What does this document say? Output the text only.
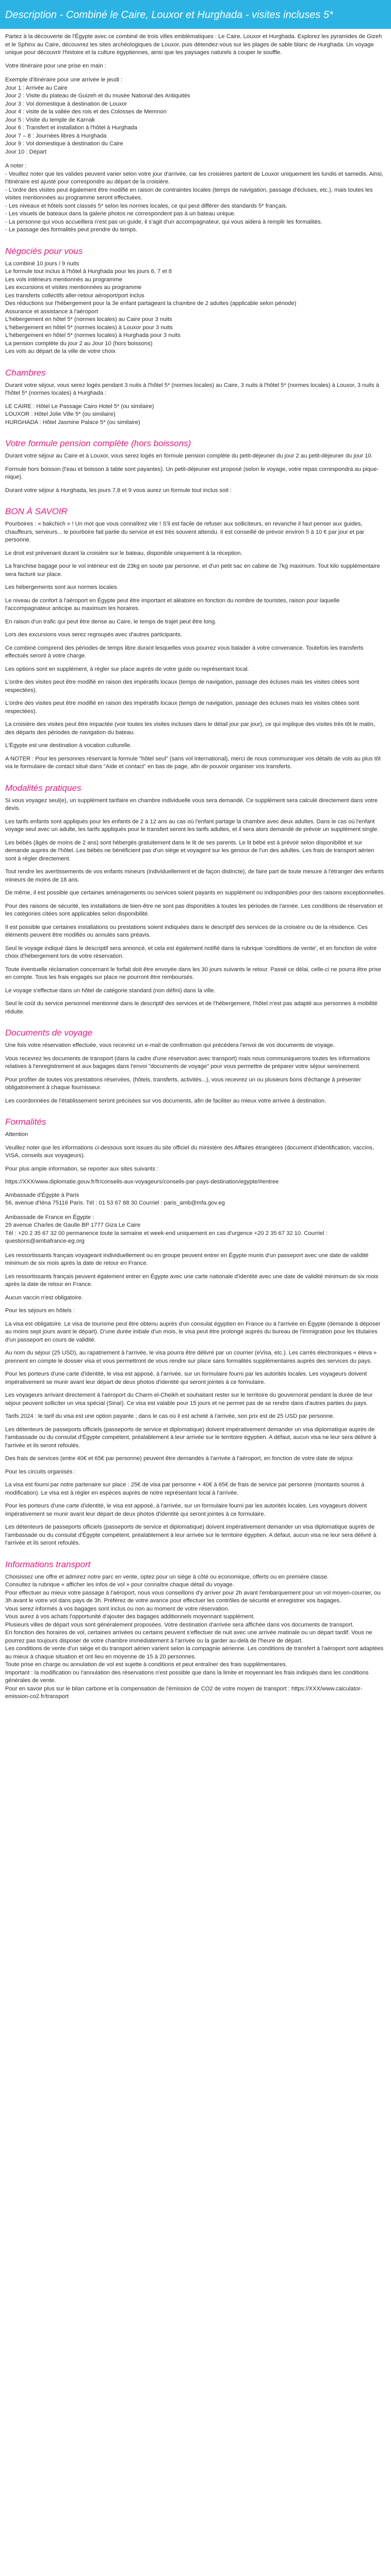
Description - Combiné le Caire, Louxor et Hurghada - visites incluses 5*

Partez à la découverte de l'Égypte avec ce combiné de trois villes emblématiques : Le Caire, Louxor et Hurghada. Explorez les pyramides de Gizeh et le Sphinx au Caire, découvrez les sites archéologiques de Louxor, puis détendez-vous sur les plages de sable blanc de Hurghada. Un voyage unique pour découvrir l'histoire et la culture égyptiennes, ainsi que les paysages naturels à couper le souffle.

Votre itinéraire pour une prise en main :

Exemple d'itinéraire pour une arrivée le jeudi :
Jour 1 : Arrivée au Caire
Jour 2 : Visite du plateau de Guizeh et du musée National des Antiquités
Jour 3 : Vol domestique à destination de Louxor
Jour 4 : visite de la vallée des rois et des Colosses de Memnon
Jour 5 : Visite du temple de Karnak
Jour 6 : Transfert et installation à l'hôtel à Hurghada
Jour 7 – 8 : Journées libres à Hurghada
Jour 9 : Vol domestique à destination du Caire
Jour 10 : Départ
A noter :
- Veuillez noter que les valides peuvent varier selon votre jour d'arrivée, car les croisières partent de Louxor uniquement les lundis et samedis. Ainsi, l'itinéraire est ajusté pour correspondre au départ de la croisière.
- L'ordre des visites peut également être modifié en raison de contraintes locales (temps de navigation, passage d'écluses, etc.), mais toutes les visites mentionnées au programme seront effectuées.
- Les niveaux et hôtels sont classés 5* selon les normes locales, ce qui peut différer des standards 5* français.
- Les visuels de bateaux dans la galerie photos ne correspondent pas à un bateau unique.
- La personne qui vous accueillera n'est pas un guide, il s'agit d'un accompagnateur, qui vous aidera à remplir les formalités.
- Le passage des formalités peut prendre du temps.
Négociés pour vous
La combiné 10 jours / 9 nuits
Le formule tout inclus à l'hôtel à Hurghada pour les jours 6, 7 et 8
Les vols intérieurs mentionnés au programme
Les excursions et visites mentionnées au programme
Les transferts collectifs aller-retour aéroport/port inclus
Des réductions sur l'hébergement pour la 3e enfant partageant la chambre de 2 adultes (applicable selon période)
Assurance et assistance à l'aéroport
L'hébergement en hôtel 5* (normes locales) au Caire pour 3 nuits
L'hébergement en hôtel 5* (normes locales) à Louxor pour 3 nuits
L'hébergement en hôtel 5* (normes locales) à Hurghada pour 3 nuits
La pension complète du jour 2 au Jour 10 (hors boissons)
Les vols au départ de la ville de votre choix
Chambres

Durant votre séjour, vous serez logés pendant 3 nuits à l'hôtel 5* (normes locales) au Caire, 3 nuits à l'hôtel 5* (normes locales) à Louxor, 3 nuits à l'hôtel 5* (normes locales) à Hurghada :

LE CAIRE : Hôtel Le Passage Cairo Hotel 5* (ou similaire)
LOUXOR : Hôtel Jolie Ville 5* (ou similaire)
HURGHADA : Hôtel Jasmine Palace 5* (ou similaire)
Votre formule pension complète (hors boissons)

Durant votre séjour au Caire et à Louxor, vous serez logés en formule pension complète du petit-déjeuner du jour 2 au petit-déjeuner du jour 10.

Formule hors boisson (l'eau et boisson à table sont payantes). Un petit-déjeuner est proposé (selon le voyage, votre repas correspondra au pique-nique).

Durant votre séjour à Hurghada, les jours 7,8 et 9 vous aurez un formule tout inclus soit :

BON À SAVOIR

Pourboires : « bakchich » ! Un mot que vous connaîtrez vite ! S'il est facile de refuser aux solliciteurs, en revanche il faut penser aux guides, chauffeurs, serveurs... le pourboire fait partie du service et est très souvent attendu. Il est conseillé de prévoir environ 5 à 10 € par jour et par personne.

Le droit est prévenant durant la croisière sur le bateau, disponible uniquement à la réception.

La franchise bagage pour le vol intérieur est de 23kg en soute par personne, et d'un petit sac en cabine de 7kg maximum. Tout kilo supplémentaire sera facturé sur place.

Les hébergements sont aux normes locales.

Le niveau de confort à l'aéroport en Égypte peut être important et aléatoire en fonction du nombre de touristes, raison pour laquelle l'accompagnateur anticipe au maximum les horaires.

En raison d'un trafic qui peut être dense au Caire, le temps de trajet peut être long.

Lors des excursions vous serez regroupés avec d'autres participants.

Ce combiné comprend des périodes de temps libre durant lesquelles vous pourrez vous balader à votre convenance. Toutefois les transferts effectués seront à votre charge.

Les options sont en supplément, à régler sur place auprès de votre guide ou représentant local.

L'ordre des visites peut être modifié en raison des impératifs locaux (temps de navigation, passage des écluses mais les visites citées sont respectées).

L'ordre des visites peut être modifié en raison des impératifs locaux (temps de navigation, passage des écluses mais les visites citées sont respectées).

La croisière des visites peut être impactée (voir toutes les visites incluses dans le détail jour par jour), ce qui implique des visites très tôt le matin, des départs des périodes de navigation du bateau.

L'Égypte est une destination à vocation culturelle.

A NOTER : Pour les personnes réservant la formule "hôtel seul" (sans vol international), merci de nous communiquer vos détails de vols au plus tôt via le formulaire de contact situé dans "Aide et contact" en bas de page, afin de pouvoir organiser vos transferts.

Modalités pratiques

Si vous voyagez seul(e), un supplément tarifaire en chambre individuelle vous sera demandé. Ce supplément sera calculé directement dans votre devis.

Les tarifs enfants sont appliqués pour les enfants de 2 à 12 ans au cas où l'enfant partage la chambre avec deux adultes. Dans le cas où l'enfant voyage seul avec un adulte, les tarifs appliqués pour le transfert seront les tarifs adultes, et il sera alors demandé de prévoir un supplément single.

Les bébés (âgés de moins de 2 ans) sont hébergés gratuitement dans le lit de ses parents. Le lit bébé est à prévoir selon disponibilité et sur demande auprès de l'hôtel. Les bébés ne bénéficient pas d'un siège et voyagent sur les genoux de l'un des adultes. Les frais de transport aérien sont à régler directement.

Tout rendre les avertissements de vos enfants mineurs (individuellement et de façon distincte), de faire part de toute mesure à l'étranger des enfants mineurs de moins de 18 ans.

De même, il est possible que certaines aménagements ou services soient payants en supplément ou indisponibles pour des raisons exceptionnelles.

Pour des raisons de sécurité, les installations de bien-être ne sont pas disponibles à toutes les périodes de l'année. Les conditions de réservation et les catégories citées sont applicables selon disponibilité.

Il est possible que certaines installations ou prestations soient indiquées dans le descriptif des services de la croisière ou de la résidence. Ces éléments peuvent être modifiés ou annulés sans préavis.

Seul le voyage indiqué dans le descriptif sera annoncé, et cela est également notifié dans la rubrique 'conditions de vente', et en fonction de votre choix d'hébergement lors de votre réservation.

Toute éventuelle réclamation concernant le forfait doit être envoyée dans les 30 jours suivants le retour. Passé ce délai, celle-ci ne pourra être prise en compte. Tous les frais engagés sur place ne pourront être remboursés.

Le voyage s'effectue dans un hôtel de catégorie standard (non défini) dans la ville.

Seul le coût du service personnel mentionné dans le descriptif des services et de l'hébergement, l'hôtel n'est pas adapté aux personnes à mobilité réduite.

Documents de voyage

Une fois votre réservation effectuée, vous recevrez un e-mail de confirmation qui précédera l'envoi de vos documents de voyage.

Vous recevrez les documents de transport (dans la cadre d'une réservation avec transport) mais nous communiquerons toutes les informations relatives à l'enregistrement et aux bagages dans l'envoi "documents de voyage" pour vous permettre de préparer votre séjour sereinement.

Pour profiter de toutes vos prestations réservées, (hôtels, transferts, activités...), vous recevrez un ou plusieurs bons d'échange à présenter obligatoirement à chaque fournisseur.

Les coordonnées de l'établissement seront précisées sur vos documents, afin de faciliter au mieux votre arrivée à destination.

Formalités

Attention

Veuillez noter que les informations ci-dessous sont issues du site officiel du ministère des Affaires étrangères (document d'identification, vaccins, VISA, conseils aux voyageurs).

Pour plus ample information, se reporter aux sites suivants :

https://XXX/www.diplomatie.gouv.fr/fr/conseils-aux-voyageurs/conseils-par-pays-destination/egypte/#entree

Ambassade d'Égypte à Paris
56, avenue d'Iéna 75116 Paris. Tél : 01 53 67 88 30 Courriel : paris_amb@mfa.gov.eg
Ambassade de France en Égypte :
29 avenue Charles de Gaulle BP 1777 Giza Le Caire
Tél : +20 2 35 67 32 00 permanence toute la semaine et week-end uniquement en cas d'urgence +20 2 35 67 32 10. Courriel : questions@ambafrance-eg.org

Les ressortissants français voyageant individuellement ou en groupe peuvent entrer en Égypte munis d'un passeport avec une date de validité minimum de six mois après la date de retour en France.

Les ressortissants français peuvent également entrer en Égypte avec une carte nationale d'identité avec une date de validité minimum de six mois après la date de retour en France.

Aucun vaccin n'est obligatoire.

Pour les séjours en hôtels :

La visa est obligatoire. Le visa de tourisme peut être obtenu auprès d'un consulat égyptien en France ou à l'arrivée en Égypte (demande à déposer au moins sept jours avant le départ). D'une durée initiale d'un mois, le visa peut être prolongé auprès du bureau de l'immigration pour les titulaires d'un passeport en cours de validité.

Au nom du séjour (25 USD), au rapatriement à l'arrivée, le visa pourra être délivré par un courrier (eVisa, etc.). Les carrés électroniques « éleva » prennent en compte le dossier visa et vous permettront de vous rendre sur place sans formalités supplémentaires auprès des services du pays.

Pour les porteurs d'une carte d'identité, le visa est apposé, à l'arrivée, sur un formulaire fourni par les autorités locales. Les voyageurs doivent impérativement se munir avant leur départ de deux photos d'identité qui seront jointes à ce formulaire.

Les voyageurs arrivant directement à l'aéroport du Charm el-Cheikh et souhaitant rester sur le territoire du gouvernorat pendant la durée de leur séjour peuvent solliciter un visa spécial (Sinaï). Ce visa est valable pour 15 jours et ne permet pas de se rendre dans d'autres parties du pays.

Tarifs 2024 : le tarif du visa est une option payante ; dans le cas où il est acheté à l'arrivée, son prix est de 25 USD par personne.

Les détenteurs de passeports officiels (passeports de service et diplomatique) doivent impérativement demander un visa diplomatique auprès de l'ambassade ou du consulat d'Égypte compétent, préalablement à leur arrivée sur le territoire égyptien. A défaut, aucun visa ne leur sera délivré à l'arrivée et ils seront refoulés.

Des frais de services (entre 40€ et 65€ par personne) peuvent être demandés à l'arrivée à l'aéroport, en fonction de votre date de séjour.

Pour les circuits organisés :

La visa est fourni par notre partenaire sur place : 25€ de visa par personne + 40€ à 65€ de frais de service par personne (montants soumis à modification). Le visa est à régler en espèces auprès de notre représentant local à l'arrivée.

Pour les porteurs d'une carte d'identité, le visa est apposé, à l'arrivée, sur un formulaire fourni par les autorités locales. Les voyageurs doivent impérativement se munir avant leur départ de deux photos d'identité qui seront jointes à ce formulaire.

Les détenteurs de passeports officiels (passeports de service et diplomatique) doivent impérativement demander un visa diplomatique auprès de l'ambassade ou du consulat d'Égypte compétent, préalablement à leur arrivée sur le territoire égyptien. A défaut, aucun visa ne leur sera délivré à l'arrivée et ils seront refoulés.

Informations transport
Choisissez une offre et admirez notre parc en vente, optez pour un siège à côté ou economique, offerts ou en première classe.
Consultez la rubrique « afficher les infos de vol » pour connaître chaque détail du voyage.
Pour effectuer au mieux votre passage à l'aéroport, nous vous conseillons d'y arriver pour 2h avant l'embarquement pour un vol moyen-courrier, ou 3h avant le votre vol dans pays de 3h. Préférez de votre avance pour effectuer les contrôles de sécurité et enregistrer vos bagages.
Vous serez informés à vos bagages sont inclus ou non au moment de votre réservation.
Vous aurez à vos achats l'opportunité d'ajouter des bagages additionnels moyennant supplément.
Plusieurs villes de départ vous sont généralement proposées. Votre destination d'arrivée sera affichée dans vos documents de transport.
En fonction des horaires de vol, certaines arrivées ou certains peuvent s'effectuer de nuit avec une arrivée matinale ou un départ tardif. Vous ne pourrez pas toujours disposer de votre chambre immédiatement à l'arrivée ou la garder au-delà de l'heure de départ.
Les conditions de vente d'un siège et du transport aérien varient selon la compagnie aérienne. Les conditions de transfert à l'aéroport sont adaptées au mieux à chaque situation et ont lieu en moyenne de 15 à 20 personnes.
Toute prise en charge ou annulation de vol est sujette à conditions et peut entraîner des frais supplémentaires.
Important : la modification ou l'annulation des réservations n'est possible que dans la limite et moyennant les frais indiqués dans les conditions générales de vente.
Pour en savoir plus sur le bilan carbone et la compensation de l'émission de CO2 de votre moyen de transport : https://XXX/www.calculator-emission-co2.fr/transport
